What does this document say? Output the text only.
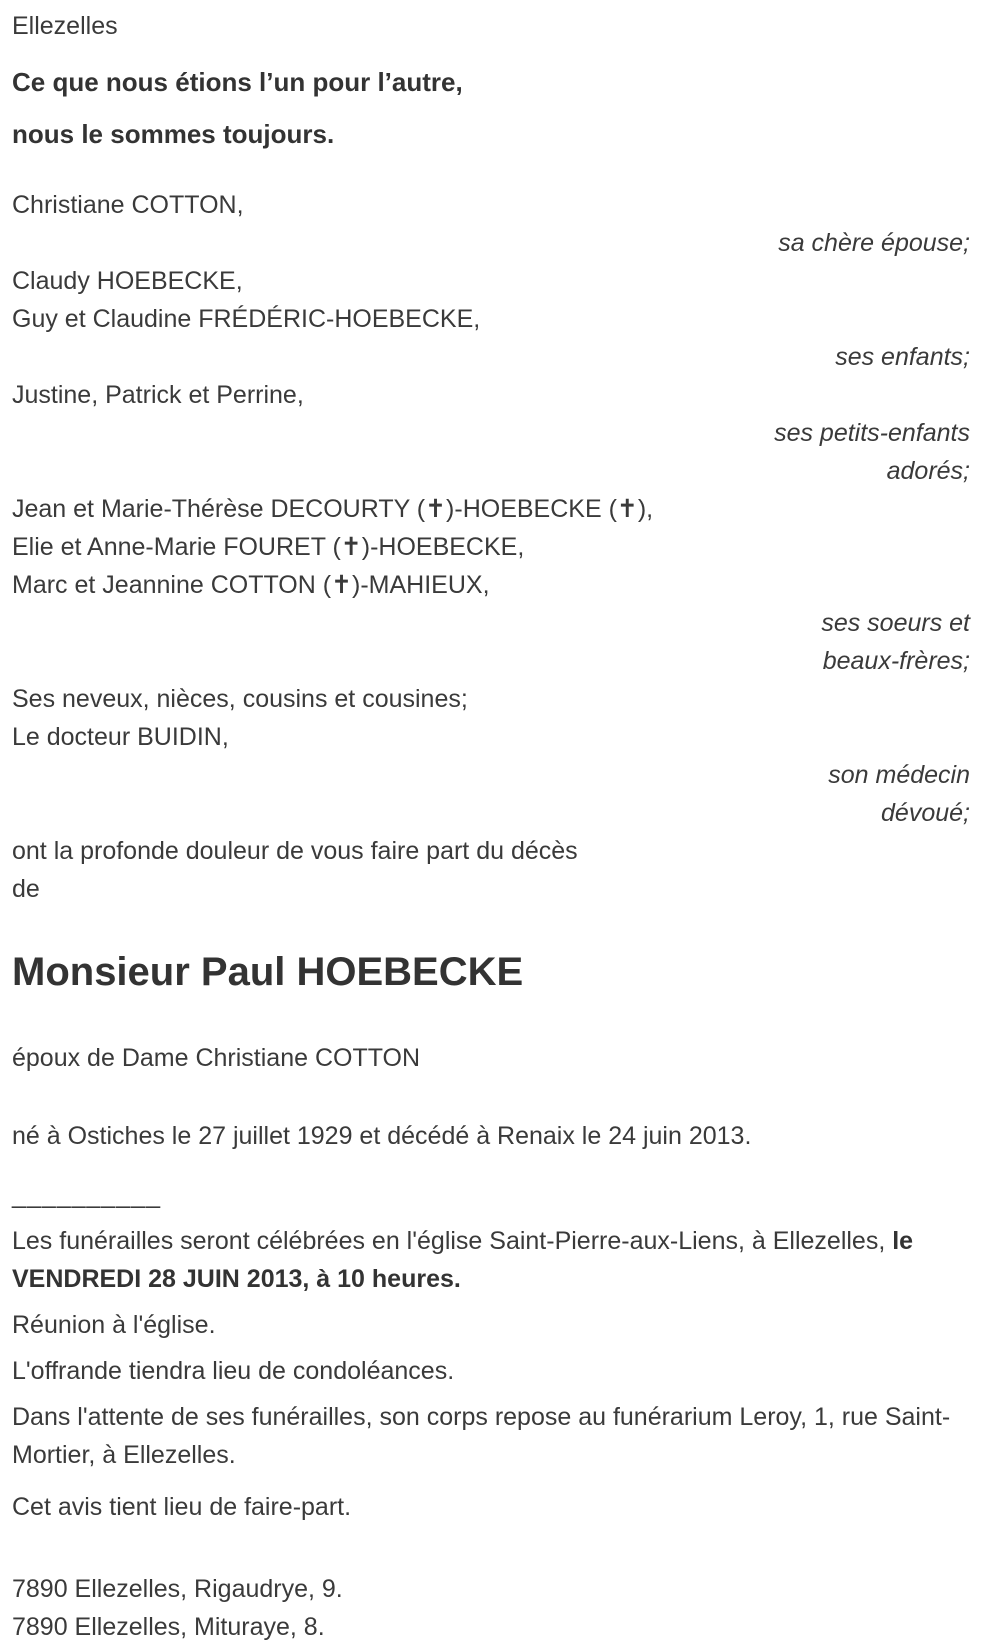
Ellezelles
Ce que nous étions l’un pour l’autre,
nous le sommes toujours.
Christiane COTTON,
sa chère épouse;
Claudy HOEBECKE,
Guy et Claudine FRÉDÉRIC-HOEBECKE,
ses enfants;
Justine, Patrick et Perrine,
ses petits-enfants
adorés;
Jean et Marie-Thérèse DECOURTY (✝)-HOEBECKE (✝),
Elie et Anne-Marie FOURET (✝)-HOEBECKE,
Marc et Jeannine COTTON (✝)-MAHIEUX,
ses soeurs et
beaux-frères;
Ses neveux, nièces, cousins et cousines;
Le docteur BUIDIN,
son médecin
dévoué;
ont la profonde douleur de vous faire part du décès
de
Monsieur Paul HOEBECKE
époux de Dame Christiane COTTON
né à Ostiches le 27 juillet 1929 et décédé à Renaix le 24 juin 2013.
__________
Les funérailles seront célébrées en l'église Saint-Pierre-aux-Liens, à Ellezelles, le VENDREDI 28 JUIN 2013, à 10 heures.
Réunion à l'église.
L'offrande tiendra lieu de condoléances.
Dans l'attente de ses funérailles, son corps repose au funérarium Leroy, 1, rue Saint-Mortier, à Ellezelles.
Cet avis tient lieu de faire-part.
7890 Ellezelles, Rigaudrye, 9.
7890 Ellezelles, Mituraye, 8.
